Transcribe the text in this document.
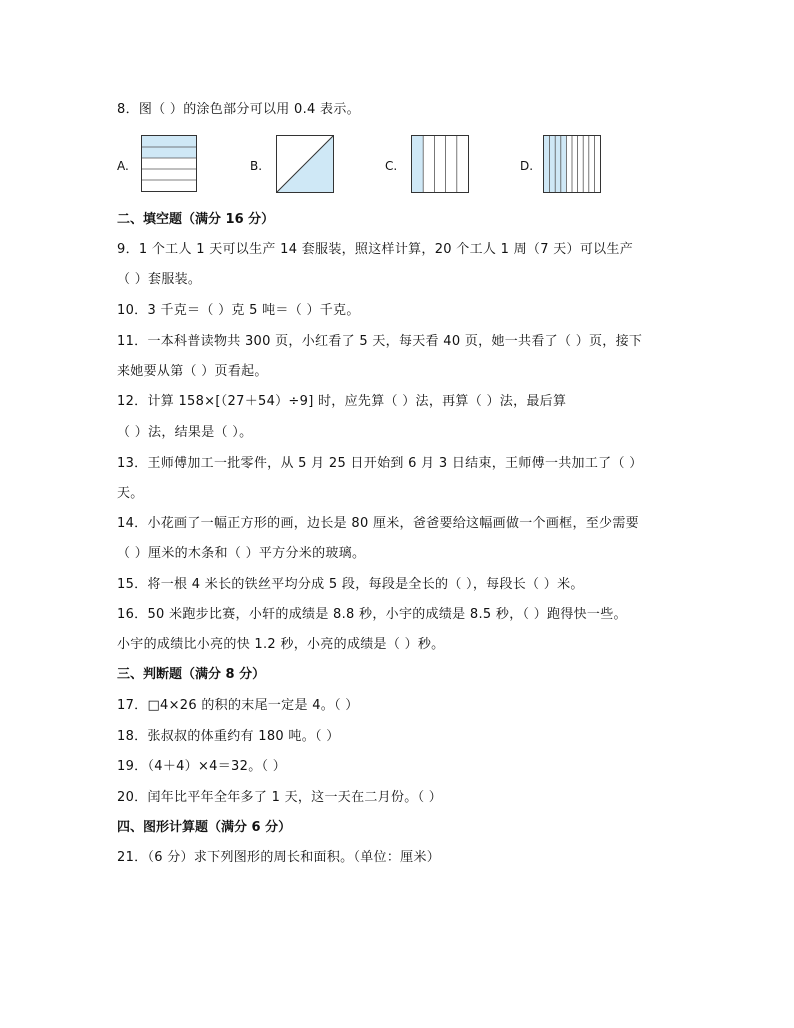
8．图（ ）的涂色部分可以用 0.4 表示。
A.	B.	C.	D.
二、填空题（满分 16 分）
9．1 个工人 1 天可以生产 14 套服装，照这样计算，20 个工人 1 周（7 天）可以生产
（ ）套服装。
10．3 千克＝（ ）克 5 吨＝（ ）千克。
11．一本科普读物共 300 页，小红看了 5 天，每天看 40 页，她一共看了（ ）页，接下
来她要从第（ ）页看起。
12．计算 158×[（27＋54）÷9] 时，应先算（ ）法，再算（ ）法，最后算
（ ）法，结果是（ ）。
13．王师傅加工一批零件，从 5 月 25 日开始到 6 月 3 日结束，王师傅一共加工了（ ）
天。
14．小花画了一幅正方形的画，边长是 80 厘米，爸爸要给这幅画做一个画框，至少需要
（ ）厘米的木条和（ ）平方分米的玻璃。
15．将一根 4 米长的铁丝平均分成 5 段，每段是全长的（ ），每段长（ ）米。
16．50 米跑步比赛，小轩的成绩是 8.8 秒，小宇的成绩是 8.5 秒，（ ）跑得快一些。
小宇的成绩比小亮的快 1.2 秒，小亮的成绩是（ ）秒。
三、判断题（满分 8 分）
17．□4×26 的积的末尾一定是 4。（ ）
18．张叔叔的体重约有 180 吨。（ ）
19．（4＋4）×4＝32。（ ）
20．闰年比平年全年多了 1 天，这一天在二月份。（ ）
四、图形计算题（满分 6 分）
21．（6 分）求下列图形的周长和面积。（单位：厘米）
